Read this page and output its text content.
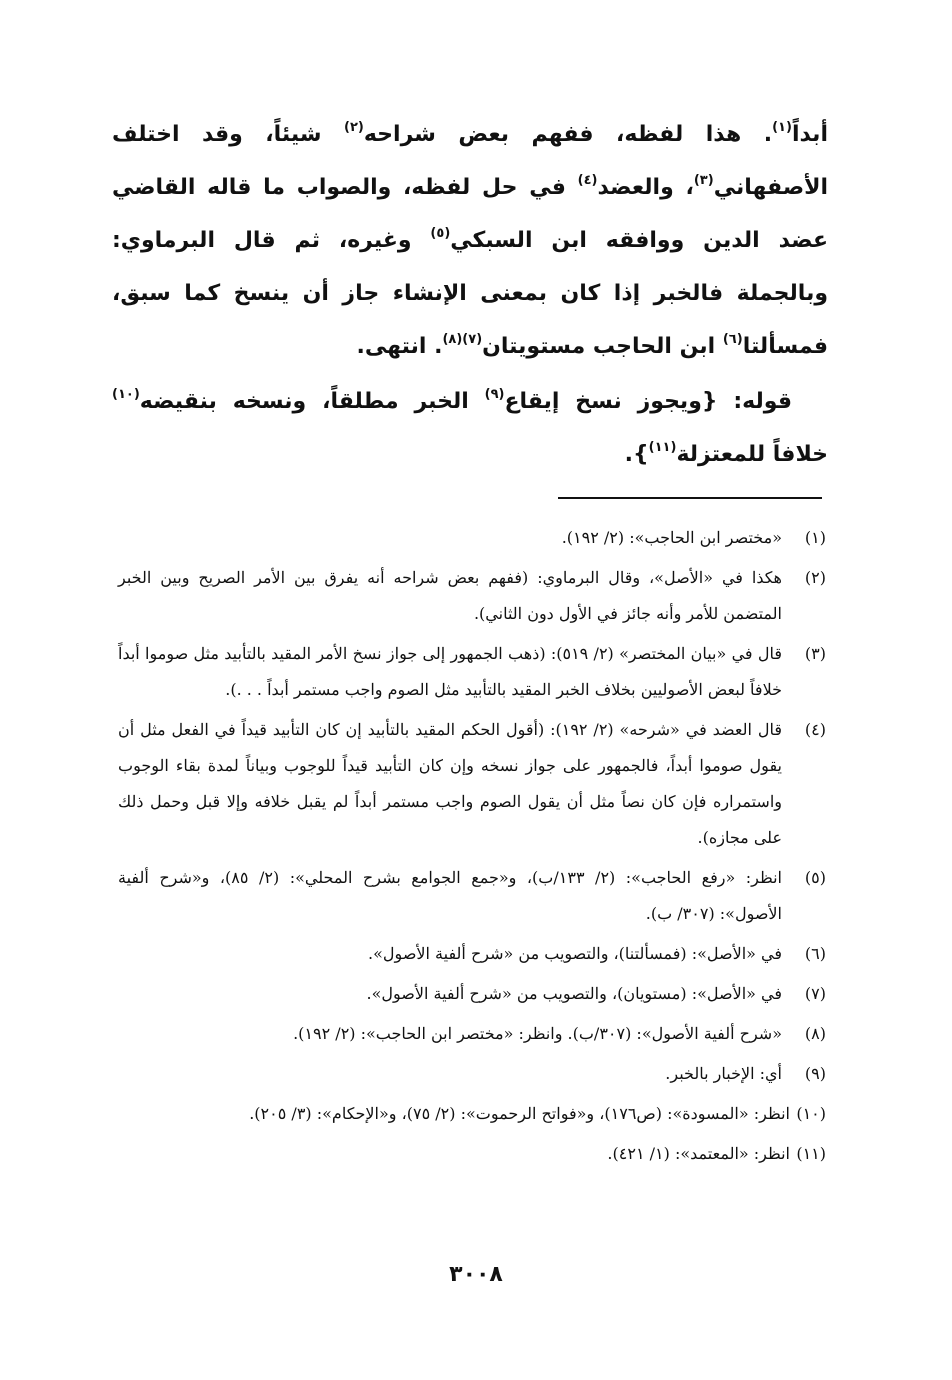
أبداً$^{(١)}$. هذا لفظه، ففهم بعض شراحه$^{(٢)}$ شيئاً، وقد اختلف الأصفهاني$^{(٣)}$، والعضد$^{(٤)}$ في حل لفظه، والصواب ما قاله القاضي عضد الدين ووافقه ابن السبكي$^{(٥)}$ وغيره، ثم قال البرماوي: وبالجملة فالخبر إذا كان بمعنى الإنشاء جاز أن ينسخ كما سبق، فمسألتا$^{(٦)}$ ابن الحاجب مستويتان$^{(٧)(٨)}$. انتهى.

قوله: {ويجوز نسخ إيقاع$^{(٩)}$ الخبر مطلقاً، ونسخه بنقيضه$^{(١٠)}$ خلافاً للمعتزلة$^{(١١)}$}.

(١)
«مختصر ابن الحاجب»: (٢/ ١٩٢).
(٢)
هكذا في «الأصل»، وقال البرماوي: (ففهم بعض شراحه أنه يفرق بين الأمر الصريح وبين الخبر المتضمن للأمر وأنه جائز في الأول دون الثاني).
(٣)
قال في «بيان المختصر» (٢/ ٥١٩): (ذهب الجمهور إلى جواز نسخ الأمر المقيد بالتأبيد مثل صوموا أبداً خلافاً لبعض الأصوليين بخلاف الخبر المقيد بالتأبيد مثل الصوم واجب مستمر أبداً . . .).
(٤)
قال العضد في «شرحه» (٢/ ١٩٢): (أقول الحكم المقيد بالتأبيد إن كان التأبيد قيداً في الفعل مثل أن يقول صوموا أبداً، فالجمهور على جواز نسخه وإن كان التأبيد قيداً للوجوب وبياناً لمدة بقاء الوجوب واستمراره فإن كان نصاً مثل أن يقول الصوم واجب مستمر أبداً لم يقبل خلافه وإلا قبل وحمل ذلك على مجازه).
(٥)
انظر: «رفع الحاجب»: (٢/ ١٣٣/ب)، و«جمع الجوامع بشرح المحلي»: (٢/ ٨٥)، و«شرح ألفية الأصول»: (٣٠٧/ ب).
(٦)
في «الأصل»: (فمسألتنا)، والتصويب من «شرح ألفية الأصول».
(٧)
في «الأصل»: (مستويان)، والتصويب من «شرح ألفية الأصول».
(٨)
«شرح ألفية الأصول»: (٣٠٧/ب). وانظر: «مختصر ابن الحاجب»: (٢/ ١٩٢).
(٩)
أي: الإخبار بالخبر.
(١٠)
انظر: «المسودة»: (ص١٧٦)، و«فواتح الرحموت»: (٢/ ٧٥)، و«الإحكام»: (٣/ ٢٠٥).
(١١)
انظر: «المعتمد»: (١/ ٤٢١).
٣٠٠٨
